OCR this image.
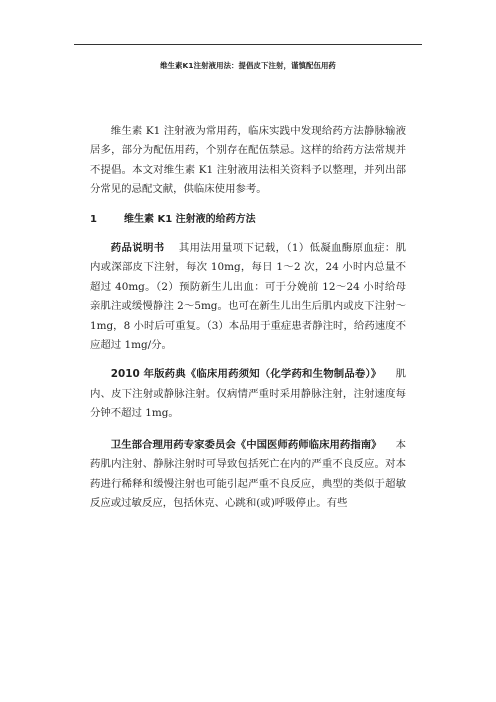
维生素K1注射液用法：提倡皮下注射，谨慎配伍用药

维生素 K1 注射液为常用药，临床实践中发现给药方法静脉输液居多，部分为配伍用药，个别存在配伍禁忌。这样的给药方法常规并不提倡。本文对维生素 K1 注射液用法相关资料予以整理，并列出部分常见的忌配文献，供临床使用参考。

1	维生素 K1 注射液的给药方法

药品说明书 其用法用量项下记载，（1）低凝血酶原血症：肌内或深部皮下注射，每次 10mg，每日 1～2 次，24 小时内总量不超过 40mg。（2）预防新生儿出血：可于分娩前 12～24 小时给母亲肌注或缓慢静注 2～5mg。也可在新生儿出生后肌内或皮下注射～1mg，8 小时后可重复。（3）本品用于重症患者静注时，给药速度不应超过 1mg/分。

2010 年版药典《临床用药须知（化学药和生物制品卷）》 肌内、皮下注射或静脉注射。仅病情严重时采用静脉注射，注射速度每分钟不超过 1mg。

卫生部合理用药专家委员会《中国医师药师临床用药指南》 本药肌内注射、静脉注射时可导致包括死亡在内的严重不良反应。对本药进行稀释和缓慢注射也可能引起严重不良反应，典型的类似于超敏反应或过敏反应，包括休克、心跳和(或)呼吸停止。有些
